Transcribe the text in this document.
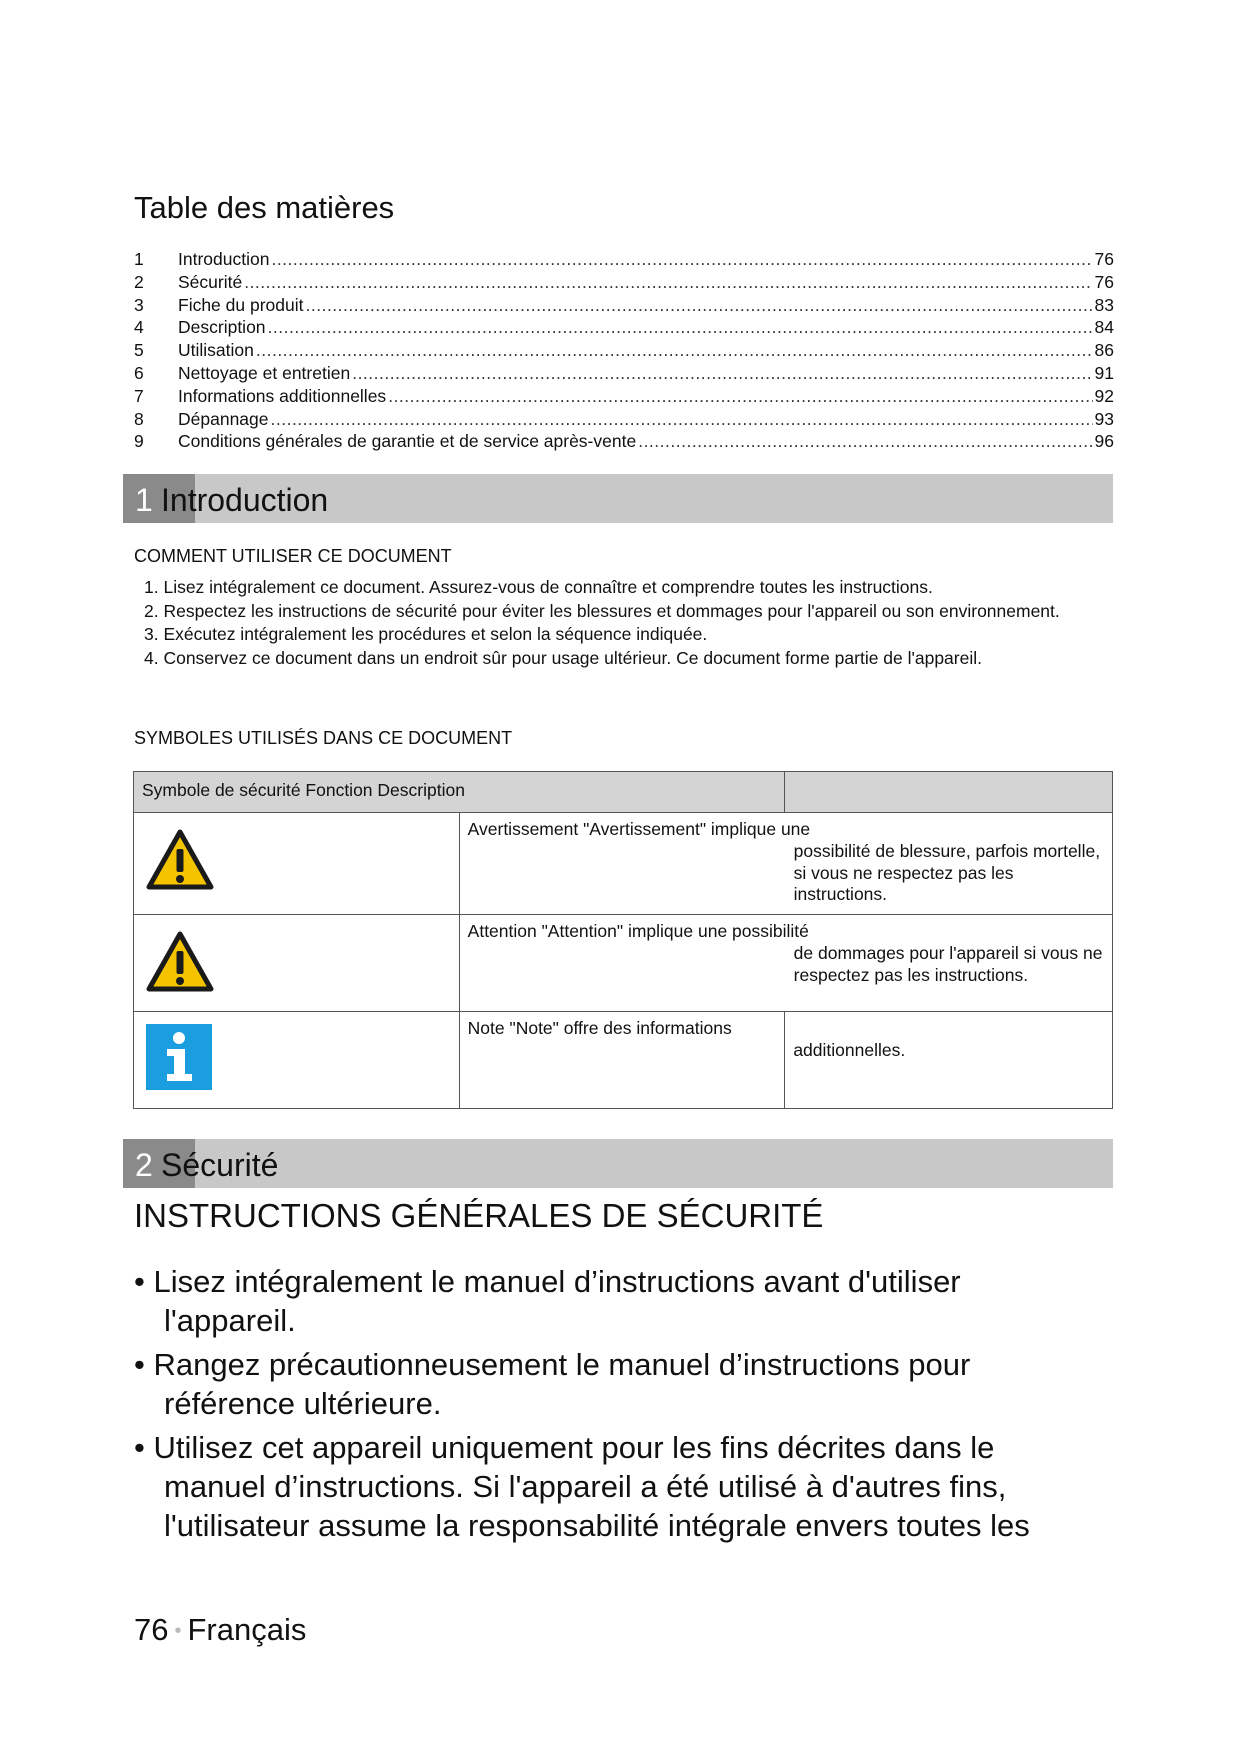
Table des matières
1	Introduction .....	76
2	Sécurité .....	76
3	Fiche du produit .....	83
4	Description .....	84
5	Utilisation .....	86
6	Nettoyage et entretien .....	91
7	Informations additionnelles .....	92
8	Dépannage .....	93
9	Conditions générales de garantie et de service après-vente .....	96
1 Introduction
COMMENT UTILISER CE DOCUMENT

1. Lisez intégralement ce document. Assurez-vous de connaître et comprendre toutes les instructions.

2. Respectez les instructions de sécurité pour éviter les blessures et dommages pour l'appareil ou son environnement.

3. Exécutez intégralement les procédures et selon la séquence indiquée.

4. Conservez ce document dans un endroit sûr pour usage ultérieur. Ce document forme partie de l'appareil.

SYMBOLES UTILISÉS DANS CE DOCUMENT
Symbole de sécurité Fonction Description		

Avertissement "Avertissement" implique une
possibilité de blessure, parfois mortelle, si vous ne respectez pas les instructions.	

Attention "Attention" implique une possibilité
de dommages pour l'appareil si vous ne respectez pas les instructions.	

Note "Note" offre des informations	additionnelles.
2 Sécurité
INSTRUCTIONS GÉNÉRALES DE SÉCURITÉ
• Lisez intégralement le manuel d’instructions avant d'utiliser
l'appareil.
• Rangez précautionneusement le manuel d’instructions pour
référence ultérieure.
• Utilisez cet appareil uniquement pour les fins décrites dans le
manuel d’instructions. Si l'appareil a été utilisé à d'autres fins, l'utilisateur assume la responsabilité intégrale envers toutes les
76 • Français
